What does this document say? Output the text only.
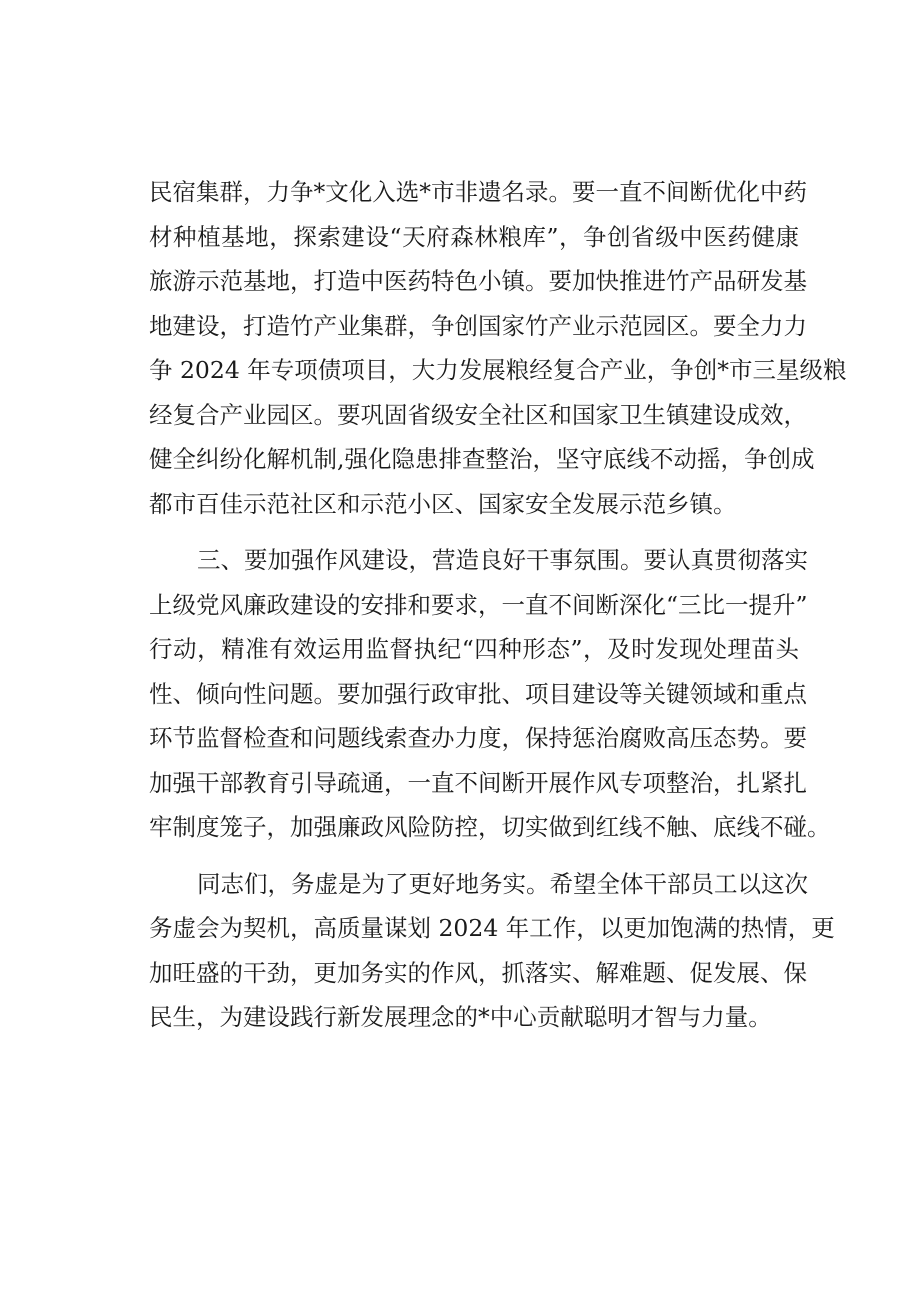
民宿集群，力争*文化入选*市非遗名录。要一直不间断优化中药
材种植基地，探索建设“天府森林粮库”，争创省级中医药健康
旅游示范基地，打造中医药特色小镇。要加快推进竹产品研发基
地建设，打造竹产业集群，争创国家竹产业示范园区。要全力力
争 2024 年专项债项目，大力发展粮经复合产业，争创*市三星级粮
经复合产业园区。要巩固省级安全社区和国家卫生镇建设成效，
健全纠纷化解机制,强化隐患排查整治，坚守底线不动摇，争创成
都市百佳示范社区和示范小区、国家安全发展示范乡镇。
三、要加强作风建设，营造良好干事氛围。要认真贯彻落实
上级党风廉政建设的安排和要求，一直不间断深化“三比一提升”
行动，精准有效运用监督执纪“四种形态”，及时发现处理苗头
性、倾向性问题。要加强行政审批、项目建设等关键领域和重点
环节监督检查和问题线索查办力度，保持惩治腐败高压态势。要
加强干部教育引导疏通，一直不间断开展作风专项整治，扎紧扎
牢制度笼子，加强廉政风险防控，切实做到红线不触、底线不碰。
同志们，务虚是为了更好地务实。希望全体干部员工以这次
务虚会为契机，高质量谋划 2024 年工作，以更加饱满的热情，更
加旺盛的干劲，更加务实的作风，抓落实、解难题、促发展、保
民生，为建设践行新发展理念的*中心贡献聪明才智与力量。
